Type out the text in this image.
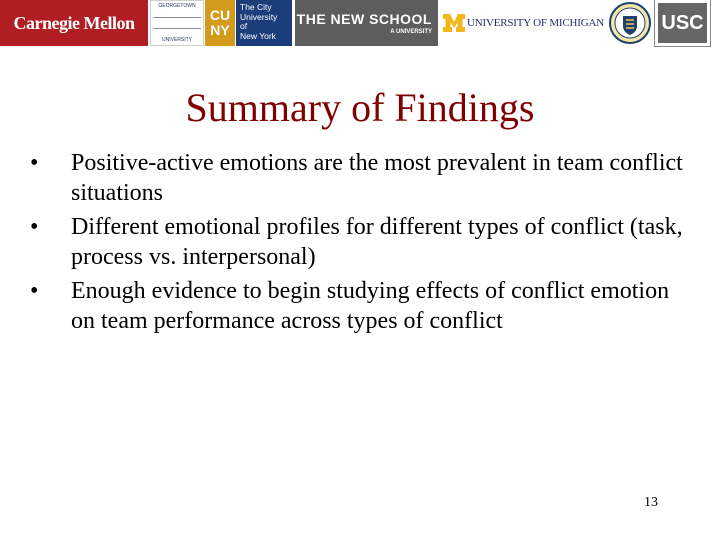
Carnegie Mellon
GEORGETOWN
UNIVERSITY
CU
NY
The City
University
of
New York
THE NEW SCHOOL
A UNIVERSITY
UNIVERSITY OF MICHIGAN	USC
Summary of Findings
• Positive-active emotions are the most prevalent in team conflict situations
• Different emotional profiles for different types of conflict (task, process vs. interpersonal)
• Enough evidence to begin studying effects of conflict emotion on team performance across types of conflict
13
